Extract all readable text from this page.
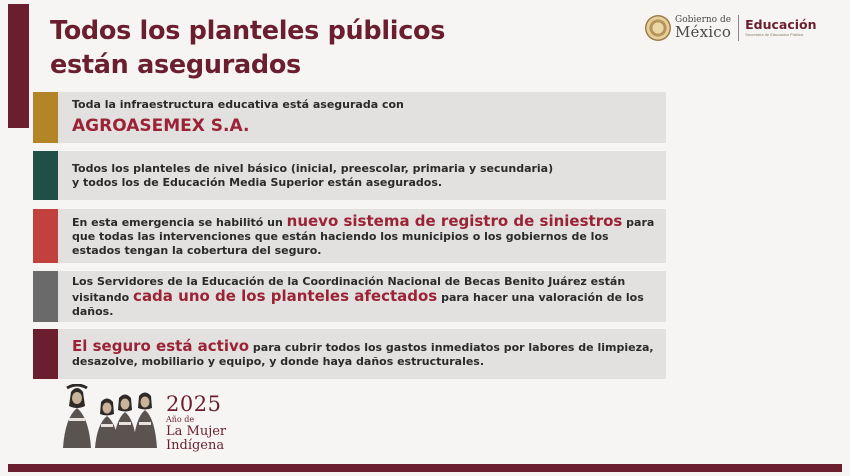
Todos los planteles públicos
están asegurados
Gobierno de
México Educación
Secretaría de Educación Pública
Toda la infraestructura educativa está asegurada con
AGROASEMEX S.A.
Todos los planteles de nivel básico (inicial, preescolar, primaria y secundaria)
y todos los de Educación Media Superior están asegurados.
En esta emergencia se habilitó un nuevo sistema de registro de siniestros para que todas las intervenciones que están haciendo los municipios o los gobiernos de los estados tengan la cobertura del seguro.
Los Servidores de la Educación de la Coordinación Nacional de Becas Benito Juárez están
visitando cada uno de los planteles afectados para hacer una valoración de los daños.
El seguro está activo para cubrir todos los gastos inmediatos por labores de limpieza, desazolve, mobiliario y equipo, y donde haya daños estructurales.
2025
Año de
La Mujer
Indígena
